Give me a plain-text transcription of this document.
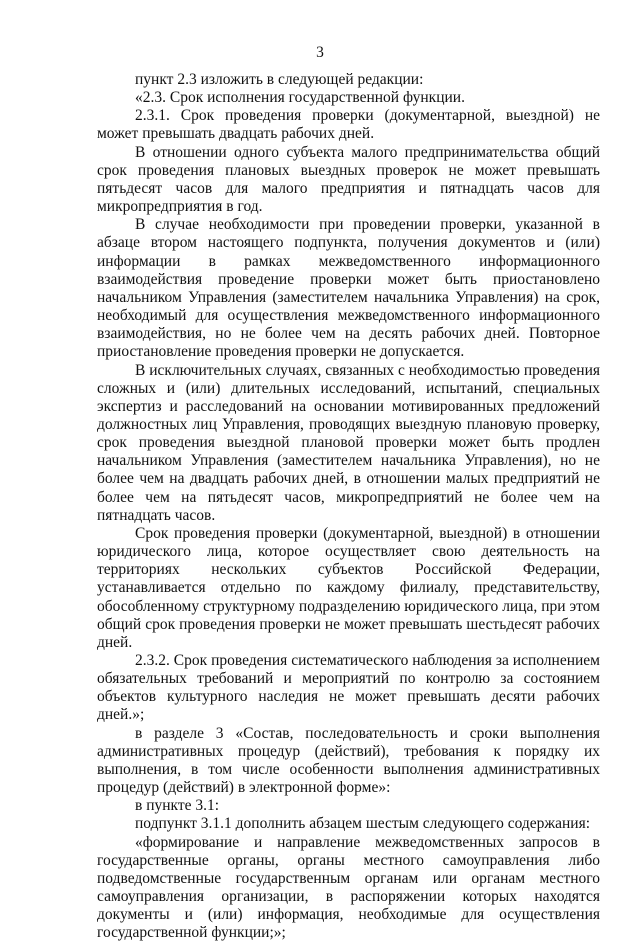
3

пункт 2.3 изложить в следующей редакции:

«2.3. Срок исполнения государственной функции.

2.3.1. Срок проведения проверки (документарной, выездной) не может превышать двадцать рабочих дней.

В отношении одного субъекта малого предпринимательства общий срок проведения плановых выездных проверок не может превышать пятьдесят часов для малого предприятия и пятнадцать часов для микропредприятия в год.

В случае необходимости при проведении проверки, указанной в абзаце втором настоящего подпункта, получения документов и (или) информации в рамках межведомственного информационного взаимодействия проведение проверки может быть приостановлено начальником Управления (заместителем начальника Управления) на срок, необходимый для осуществления межведомственного информационного взаимодействия, но не более чем на десять рабочих дней. Повторное приостановление проведения проверки не допускается.

В исключительных случаях, связанных с необходимостью проведения сложных и (или) длительных исследований, испытаний, специальных экспертиз и расследований на основании мотивированных предложений должностных лиц Управления, проводящих выездную плановую проверку, срок проведения выездной плановой проверки может быть продлен начальником Управления (заместителем начальника Управления), но не более чем на двадцать рабочих дней, в отношении малых предприятий не более чем на пятьдесят часов, микропредприятий не более чем на пятнадцать часов.

Срок проведения проверки (документарной, выездной) в отношении юридического лица, которое осуществляет свою деятельность на территориях нескольких субъектов Российской Федерации, устанавливается отдельно по каждому филиалу, представительству, обособленному структурному подразделению юридического лица, при этом общий срок проведения проверки не может превышать шестьдесят рабочих дней.

2.3.2. Срок проведения систематического наблюдения за исполнением обязательных требований и мероприятий по контролю за состоянием объектов культурного наследия не может превышать десяти рабочих дней.»;

в разделе 3 «Состав, последовательность и сроки выполнения административных процедур (действий), требования к порядку их выполнения, в том числе особенности выполнения административных процедур (действий) в электронной форме»:

в пункте 3.1:

подпункт 3.1.1 дополнить абзацем шестым следующего содержания:

«формирование и направление межведомственных запросов в государственные органы, органы местного самоуправления либо подведомственные государственным органам или органам местного самоуправления организации, в распоряжении которых находятся документы и (или) информация, необходимые для осуществления государственной функции;»;
